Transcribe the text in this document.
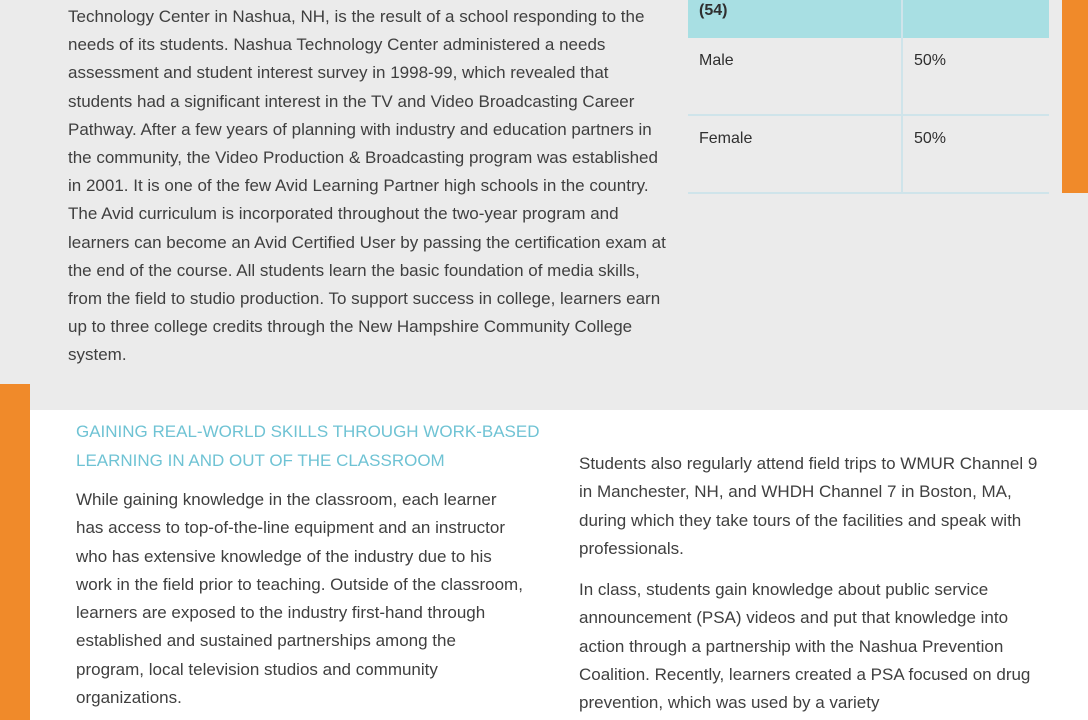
Technology Center in Nashua, NH, is the result of a school responding to the needs of its students. Nashua Technology Center administered a needs assessment and student interest survey in 1998-99, which revealed that students had a significant interest in the TV and Video Broadcasting Career Pathway. After a few years of planning with industry and education partners in the community, the Video Production & Broadcasting program was established in 2001. It is one of the few Avid Learning Partner high schools in the country. The Avid curriculum is incorporated throughout the two-year program and learners can become an Avid Certified User by passing the certification exam at the end of the course. All students learn the basic foundation of media skills, from the field to studio production. To support success in college, learners earn up to three college credits through the New Hampshire Community College system.

(54)	
Male	50%
Female	50%
GAINING REAL-WORLD SKILLS THROUGH WORK-BASED LEARNING IN AND OUT OF THE CLASSROOM

While gaining knowledge in the classroom, each learner has access to top-of-the-line equipment and an instructor who has extensive knowledge of the industry due to his work in the field prior to teaching. Outside of the classroom, learners are exposed to the industry first-hand through established and sustained partnerships among the program, local television studios and community organizations.

Students also regularly attend field trips to WMUR Channel 9 in Manchester, NH, and WHDH Channel 7 in Boston, MA, during which they take tours of the facilities and speak with professionals.

In class, students gain knowledge about public service announcement (PSA) videos and put that knowledge into action through a partnership with the Nashua Prevention Coalition. Recently, learners created a PSA focused on drug prevention, which was used by a variety
